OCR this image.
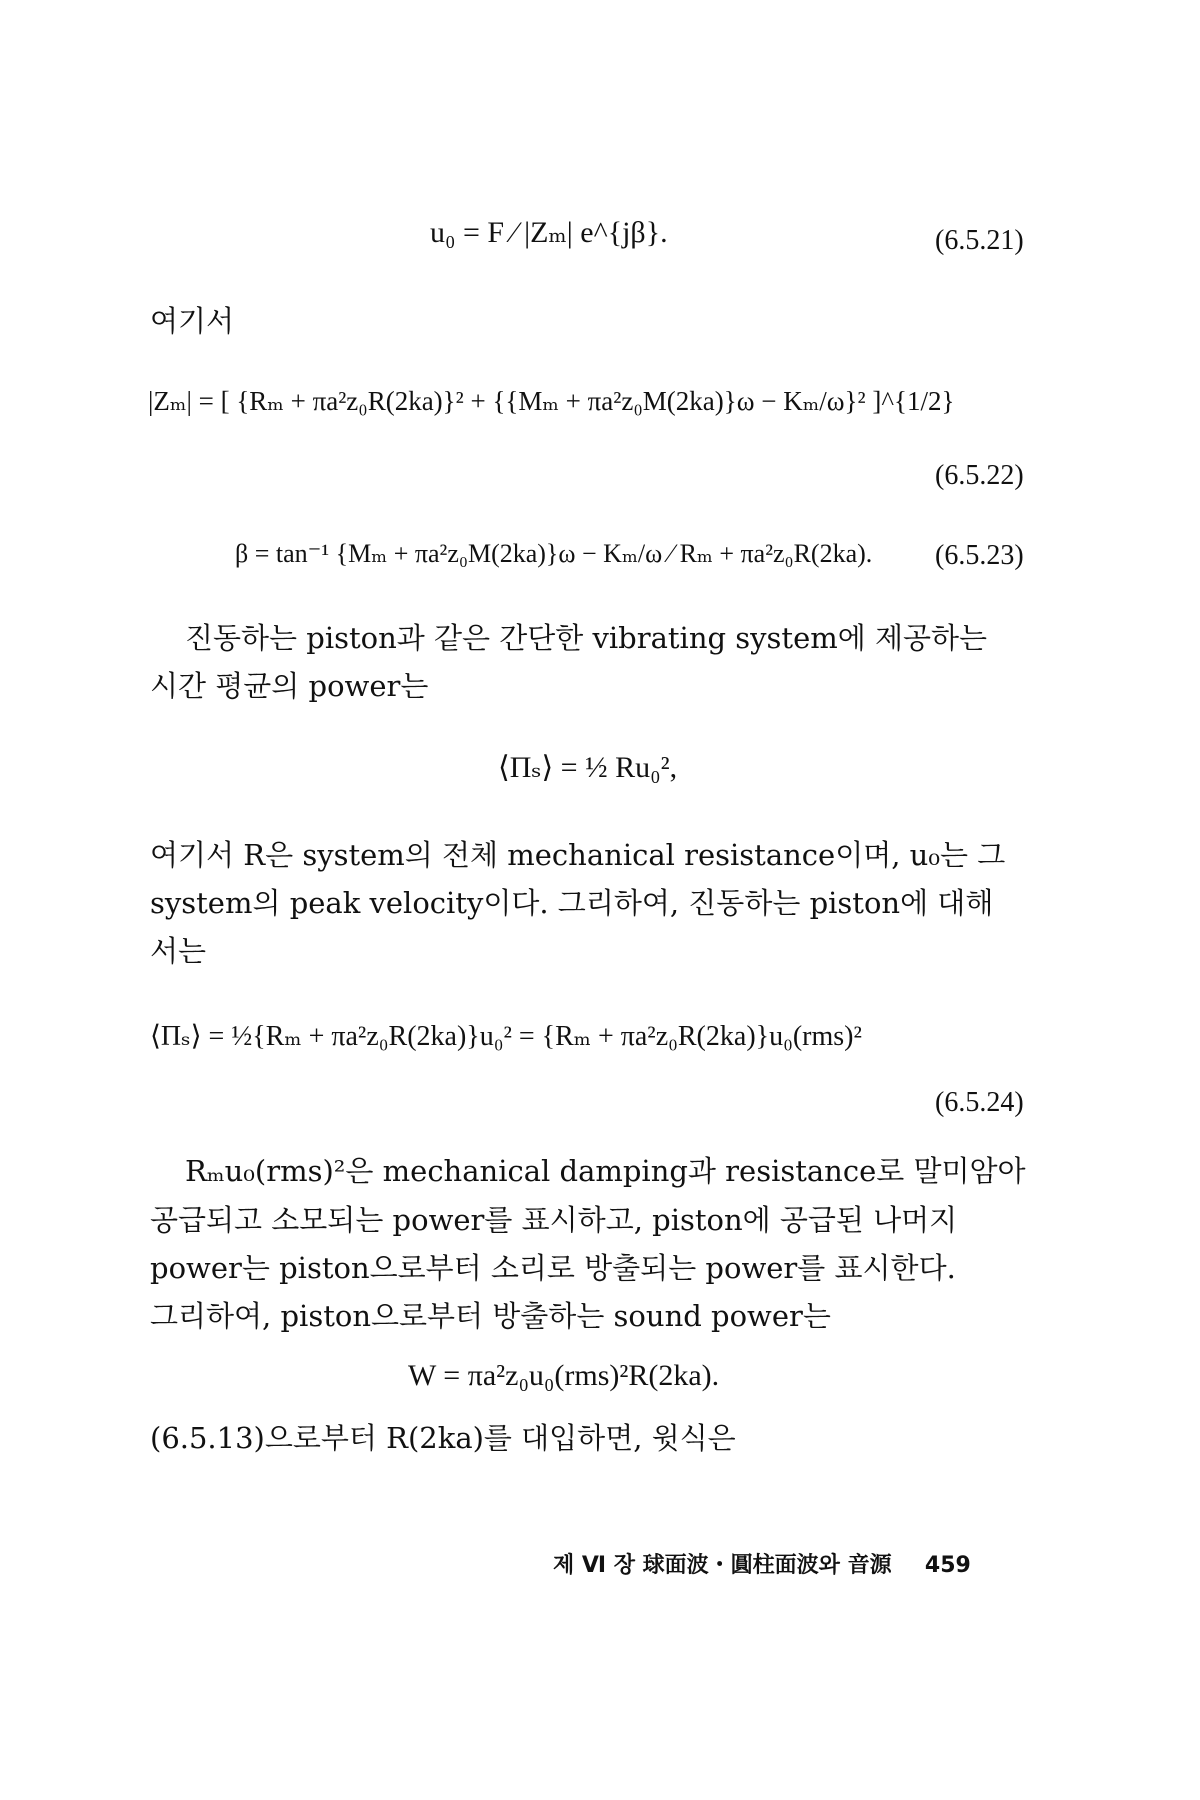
u₀ = F ⁄ |Zₘ| e^{jβ}.	(6.5.21)
여기서
|Zₘ| = [ {Rₘ + πa²z₀R(2ka)}² + {{Mₘ + πa²z₀M(2ka)}ω − Kₘ/ω}² ]^{1/2}
(6.5.22)
β = tan⁻¹ {Mₘ + πa²z₀M(2ka)}ω − Kₘ/ω ⁄ Rₘ + πa²z₀R(2ka). (6.5.23)
진동하는 piston과 같은 간단한 vibrating system에 제공하는
시간 평균의 power는
⟨Πₛ⟩ = ½ Ru₀²,
여기서 R은 system의 전체 mechanical resistance이며, u₀는 그
system의 peak velocity이다. 그리하여, 진동하는 piston에 대해
서는
⟨Πₛ⟩ = ½{Rₘ + πa²z₀R(2ka)}u₀² = {Rₘ + πa²z₀R(2ka)}u₀(rms)²
(6.5.24)
Rₘu₀(rms)²은 mechanical damping과 resistance로 말미암아
공급되고 소모되는 power를 표시하고, piston에 공급된 나머지
power는 piston으로부터 소리로 방출되는 power를 표시한다.
그리하여, piston으로부터 방출하는 sound power는
W = πa²z₀u₀(rms)²R(2ka).
(6.5.13)으로부터 R(2ka)를 대입하면, 윗식은
제 Ⅵ 장 球面波・圓柱面波와 音源 459
